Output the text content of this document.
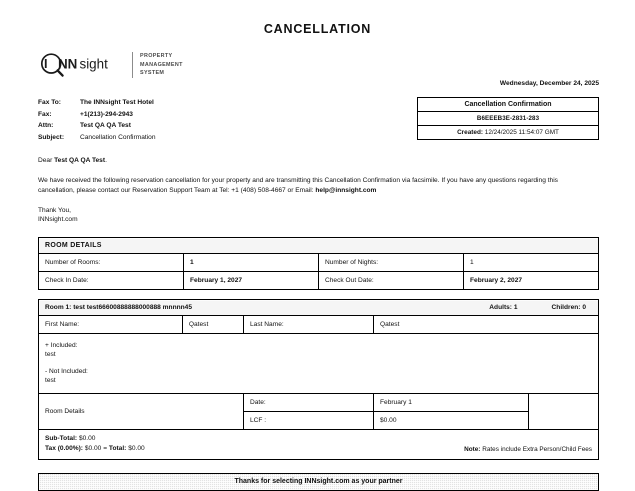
CANCELLATION
I NN sight
PROPERTY
MANAGEMENT
SYSTEM
Wednesday, December 24, 2025
Fax To:	The INNsight Test Hotel
Fax:	+1(213)-294-2943
Attn:	Test QA QA Test
Subject:	Cancellation Confirmation
Cancellation Confirmation
B6EEEB3E-2831-283
Created: 12/24/2025 11:54:07 GMT

Dear Test QA QA Test.

We have received the following reservation cancellation for your property and are transmitting this Cancellation Confirmation via facsimile. If you have any questions regarding this cancellation, please contact our Reservation Support Team at Tel: +1 (408) 508-4667 or Email: help@innsight.com

Thank You,
INNsight.com

ROOM DETAILS			
Number of Rooms:	1	Number of Nights:	1
Check In Date:	February 1, 2027	Check Out Date:	February 2, 2027
Room 1: test test66600888888000888 mnnnn45 Adults: 1 Children: 0				

First Name:	Qatest	Last Name:	Qatest	

+ Included:
test
- Not Included:
test				

Room Details		Date:	February 1	
		LCF :	$0.00	

Sub-Total: $0.00
Tax (0.00%): $0.00 = Total: $0.00 Note: Rates include Extra Person/Child Fees				
Thanks for selecting INNsight.com as your partner
